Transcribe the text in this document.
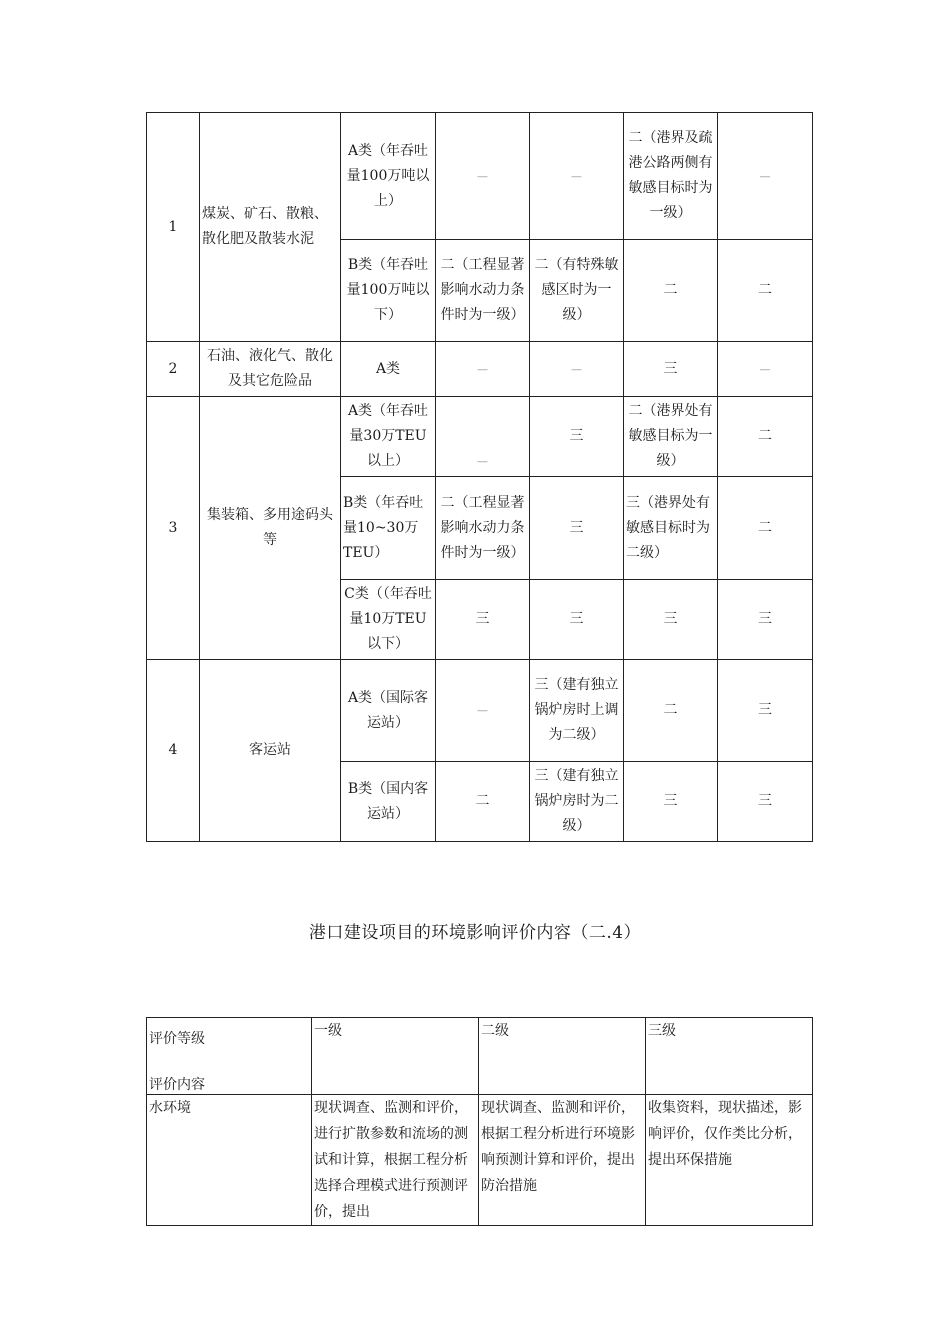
1	煤炭、矿石、散粮、散化肥及散装水泥	A类（年吞吐量100万吨以上）	—	—	二（港界及疏港公路两侧有敏感目标时为一级）	—
		B类（年吞吐量100万吨以下）	二（工程显著影响水动力条件时为一级）	二（有特殊敏感区时为一级）	二	二
2	石油、液化气、散化及其它危险品	A类	—	—	三	—
3	集装箱、多用途码头等	A类（年吞吐量30万TEU以上）	—	三	二（港界处有敏感目标为一级）	二
		B类（年吞吐量10~30万TEU）	二（工程显著影响水动力条件时为一级）	三	三（港界处有敏感目标时为二级）	二
		C类（（年吞吐量10万TEU以下）	三	三	三	三
4	客运站	A类（国际客运站）	—	三（建有独立锅炉房时上调为二级）	二	三
		B类（国内客运站）	二	三（建有独立锅炉房时为二级）	三	三
港口建设项目的环境影响评价内容（二.4）
评价等级
评价内容	一级	二级	三级
水环境	现状调查、监测和评价，进行扩散参数和流场的测试和计算，根据工程分析选择合理模式进行预测评价，提出	现状调查、监测和评价，根据工程分析进行环境影响预测计算和评价，提出防治措施	收集资料，现状描述，影响评价，仅作类比分析，提出环保措施
